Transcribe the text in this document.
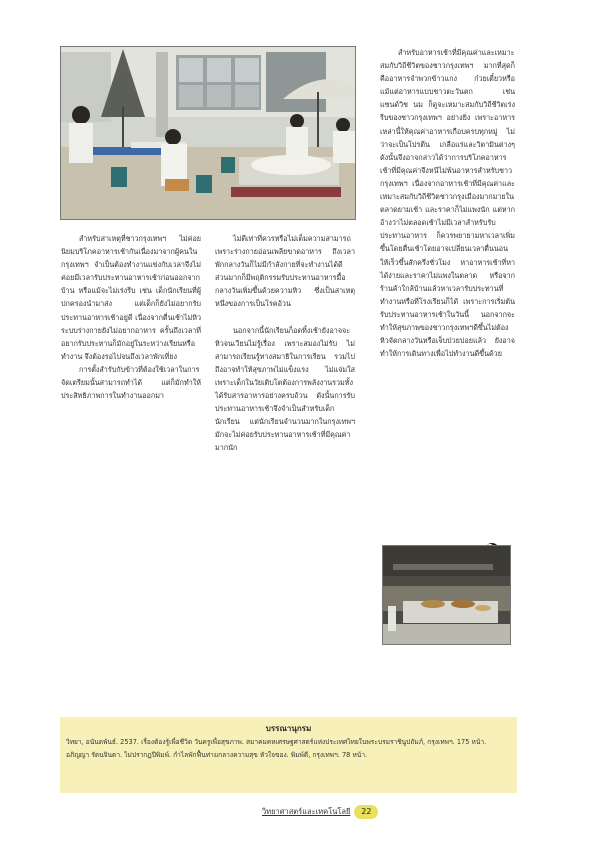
สำหรับสาเหตุที่ชาวกรุงเทพฯ ไม่ค่อยนิยมบริโภคอาหารเช้ากันเนื่องมาจากผู้คนในกรุงเทพฯ จำเป็นต้องทำงานแข่งกับเวลาจึงไม่ค่อยมีเวลารับประทานอาหารเช้าก่อนออกจากบ้าน หรือแม้จะไม่เร่งรีบ เช่น เด็กนักเรียนที่ผู้ปกครองนำมาส่ง แต่เด็กก็ยังไม่อยากรับประทานอาหารเช้าอยู่ดี เนื่องจากตื่นเช้าไม่หิว ระบบร่างกายยังไม่อยากอาหาร ครั้นถึงเวลาที่อยากรับประทานก็มักอยู่ในระหว่างเรียนหรือทำงาน จึงต้องรอไปจนถึงเวลาพักเที่ยง

การตั้งสำรับกับข้าวที่ต้องใช้เวลาในการจัดเตรียมนั้นสามารถทำได้ แต่ก็มักทำให้ประสิทธิภาพการในทำงานออกมา

ไม่ดีเท่าที่ควรหรือไม่เต็มความสามารถ เพราะร่างกายอ่อนเพลียขาดอาหาร ถึงเวลาพักกลางวันก็ไม่มีกำลังกายที่จะทำงานได้ดี ส่วนมากก็มีพฤติกรรมรับประทานอาหารมื้อกลางวันเพิ่มขึ้นด้วยความหิว ซึ่งเป็นสาเหตุหนึ่งของการเป็นโรคอ้วน

นอกจากนี้นักเรียนก็อดทิ้งเช้ายังอาจจะหิวจนเวียนไม่รู้เรื่อง เพราะสมองไม่รับ ไม่สามารถเรียนรู้ทางสมาธิในการเรียน รวมไปถึงอาจทำให้สุขภาพไม่แข็งแรง ไม่แจ่มใสเพราะเด็กในวัยเติบโตต้องการพลังงานรวมทั้งได้รับสารอาหารอย่างครบถ้วน ดังนั้นการรับประทานอาหารเช้าจึงจำเป็นสำหรับเด็กนักเรียน แต่นักเรียนจำนวนมากในกรุงเทพฯ มักจะไม่ค่อยรับประทานอาหารเช้าที่มีคุณค่ามากนัก

สำหรับอาหารเช้าที่มีคุณค่าและเหมาะสมกับวิถีชีวิตของชาวกรุงเทพฯ มากที่สุดก็คืออาหารจำพวกข้าวแกง ก๋วยเตี๋ยวหรือแม้แต่อาหารแบบชาวตะวันตก เช่น แซนด์วิช นม ก็ดูจะเหมาะสมกับวิถีชีวิตเร่งรีบของชาวกรุงเทพฯ อย่างยิ่ง เพราะอาหารเหล่านี้ให้คุณค่าอาหารเกือบครบทุกหมู่ ไม่ว่าจะเป็นโปรตีน เกลือแร่และวิตามินต่างๆ ดังนั้นจึงอาจกล่าวได้ว่าการบริโภคอาหารเช้าที่มีคุณค่าจึงหนีไม่พ้นอาหารสำหรับชาวกรุงเทพฯ เนื่องจากอาหารเช้าที่มีคุณค่าและเหมาะสมกับวิถีชีวิตชาวกรุงเมืองมากมายในตลาดยามเช้า และราคาก็ไม่แพงนัก แต่หากอ้างว่าไม่ตลอดเช้าไม่มีเวลาสำหรับรับประทานอาหาร ก็ควรพยายามหาเวลาเพิ่มขึ้นโดยตื่นเช้าโดยอาจเปลี่ยนเวลาตื่นนอนให้เร็วขึ้นสักครึ่งชั่วโมง หาอาหารเช้าที่หาได้ง่ายและราคาไม่แพงในตลาด หรือจากร้านค้าใกล้บ้านแล้วหาเวลารับประทานที่ทำงานหรือที่โรงเรียนก็ได้ เพราะการเริ่มต้นรับประทานอาหารเช้าในวันนี้ นอกจากจะทำให้สุขภาพของชาวกรุงเทพฯดีขึ้นไม่ต้องหิวจัดกลางวันหรือเจ็บป่วยบ่อยแล้ว ยังอาจทำให้การเดินทางเพื่อไปทำงานดีขึ้นด้วย

บรรณานุกรม

วิทยา, อนันตพันธ์. 2537. เรื่องต้องรู้เพื่อชีวิต วันครูเพื่อสุขภาพ. สมาคมคหเศรษฐศาสตร์แห่งประเทศไทยในพระบรมราชินูปถัมภ์, กรุงเทพฯ. 175 หน้า.

อภิญญา รัตนจินดา. ไม่ปรากฏปีพิมพ์. กำไลพักฟื้นท่ามกลางความสุข หัวใจของ. พิมพ์ดี, กรุงเทพฯ. 78 หน้า.

วิทยาศาสตร์และเทคโนโลยี	22
